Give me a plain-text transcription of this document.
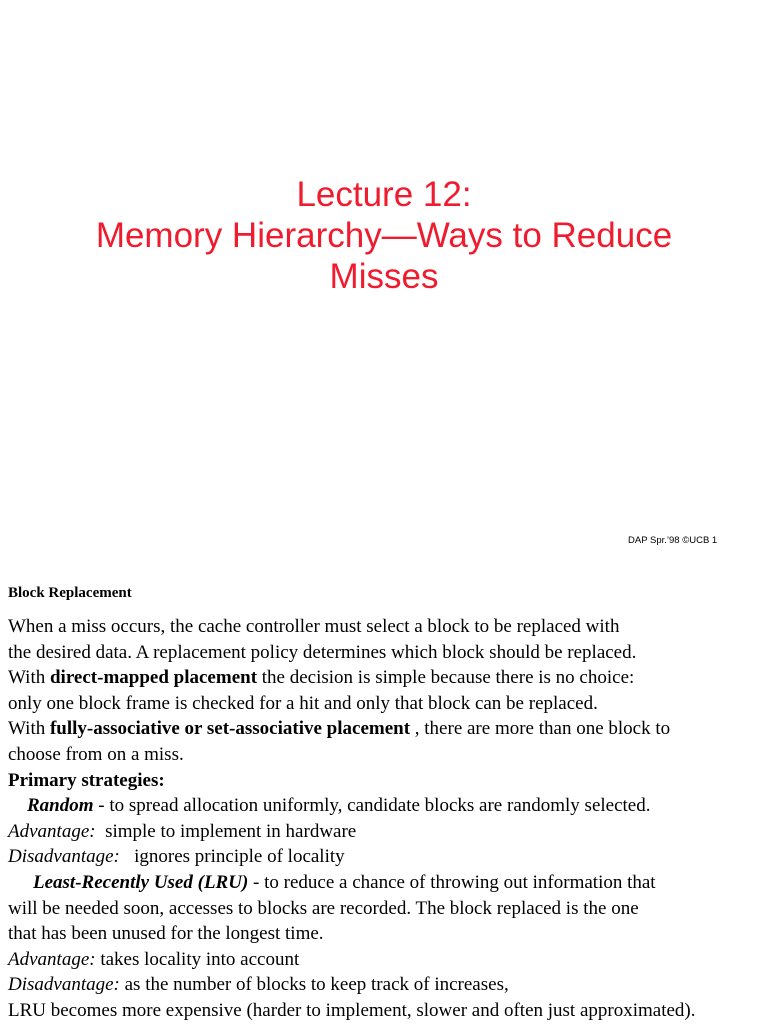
Lecture 12:
Memory Hierarchy—Ways to Reduce
Misses
DAP Spr.’98 ©UCB 1
Block Replacement
When a miss occurs, the cache controller must select a block to be replaced with
the desired data. A replacement policy determines which block should be replaced.
With direct-mapped placement the decision is simple because there is no choice:
only one block frame is checked for a hit and only that block can be replaced.
With fully-associative or set-associative placement , there are more than one block to
choose from on a miss.
Primary strategies:
Random - to spread allocation uniformly, candidate blocks are randomly selected.
Advantage:  simple to implement in hardware
Disadvantage:   ignores principle of locality
Least-Recently Used (LRU) - to reduce a chance of throwing out information that
will be needed soon, accesses to blocks are recorded. The block replaced is the one
that has been unused for the longest time.
Advantage: takes locality into account
Disadvantage: as the number of blocks to keep track of increases,
LRU becomes more expensive (harder to implement, slower and often just approximated).
